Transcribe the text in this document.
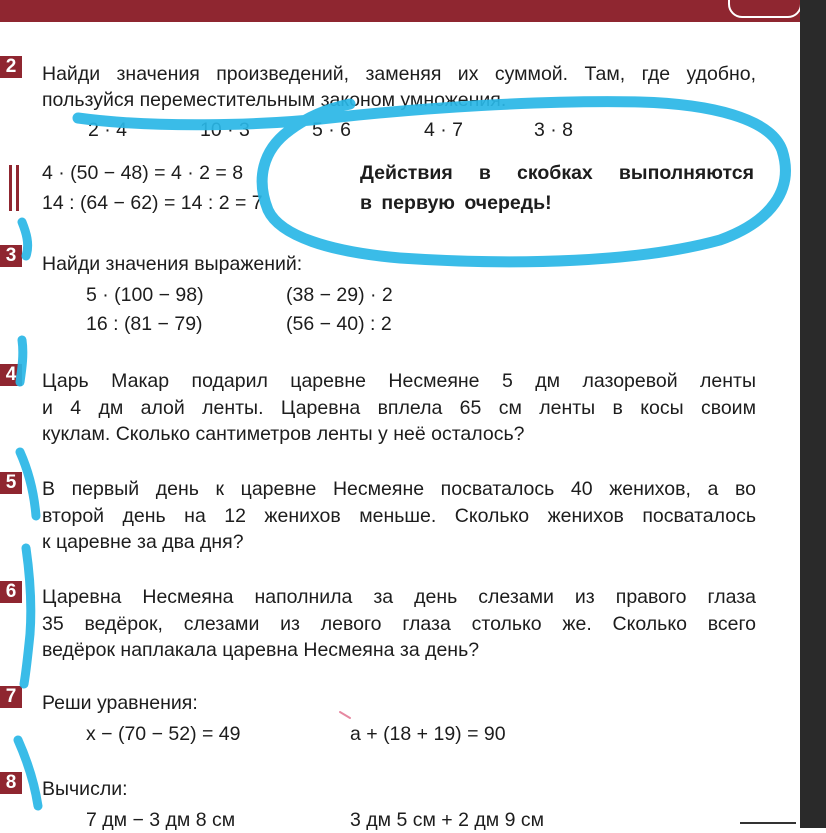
2 Найди значения произведений, заменяя их суммой. Там, где удобно,
пользуйся переместительным законом умножения.
2 · 4	10 · 3	5 · 6	4 · 7	3 · 8
4 · (50 − 48) = 4 · 2 = 8
14 : (64 − 62) = 14 : 2 = 7
Действия в скобках выполняются
в первую очередь!
3 Найди значения выражений:
5 · (100 − 98)	(38 − 29) · 2
16 : (81 − 79)	(56 − 40) : 2
4 Царь Макар подарил царевне Несмеяне 5 дм лазоревой ленты
и 4 дм алой ленты. Царевна вплела 65 см ленты в косы своим
куклам. Сколько сантиметров ленты у неё осталось?
5 В первый день к царевне Несмеяне посваталось 40 женихов, а во
второй день на 12 женихов меньше. Сколько женихов посваталось
к царевне за два дня?
6 Царевна Несмеяна наполнила за день слезами из правого глаза
35 ведёрок, слезами из левого глаза столько же. Сколько всего
ведёрок наплакала царевна Несмеяна за день?
7 Реши уравнения:
x − (70 − 52) = 49	a + (18 + 19) = 90
8 Вычисли:
7 дм − 3 дм 8 см	3 дм 5 см + 2 дм 9 см
